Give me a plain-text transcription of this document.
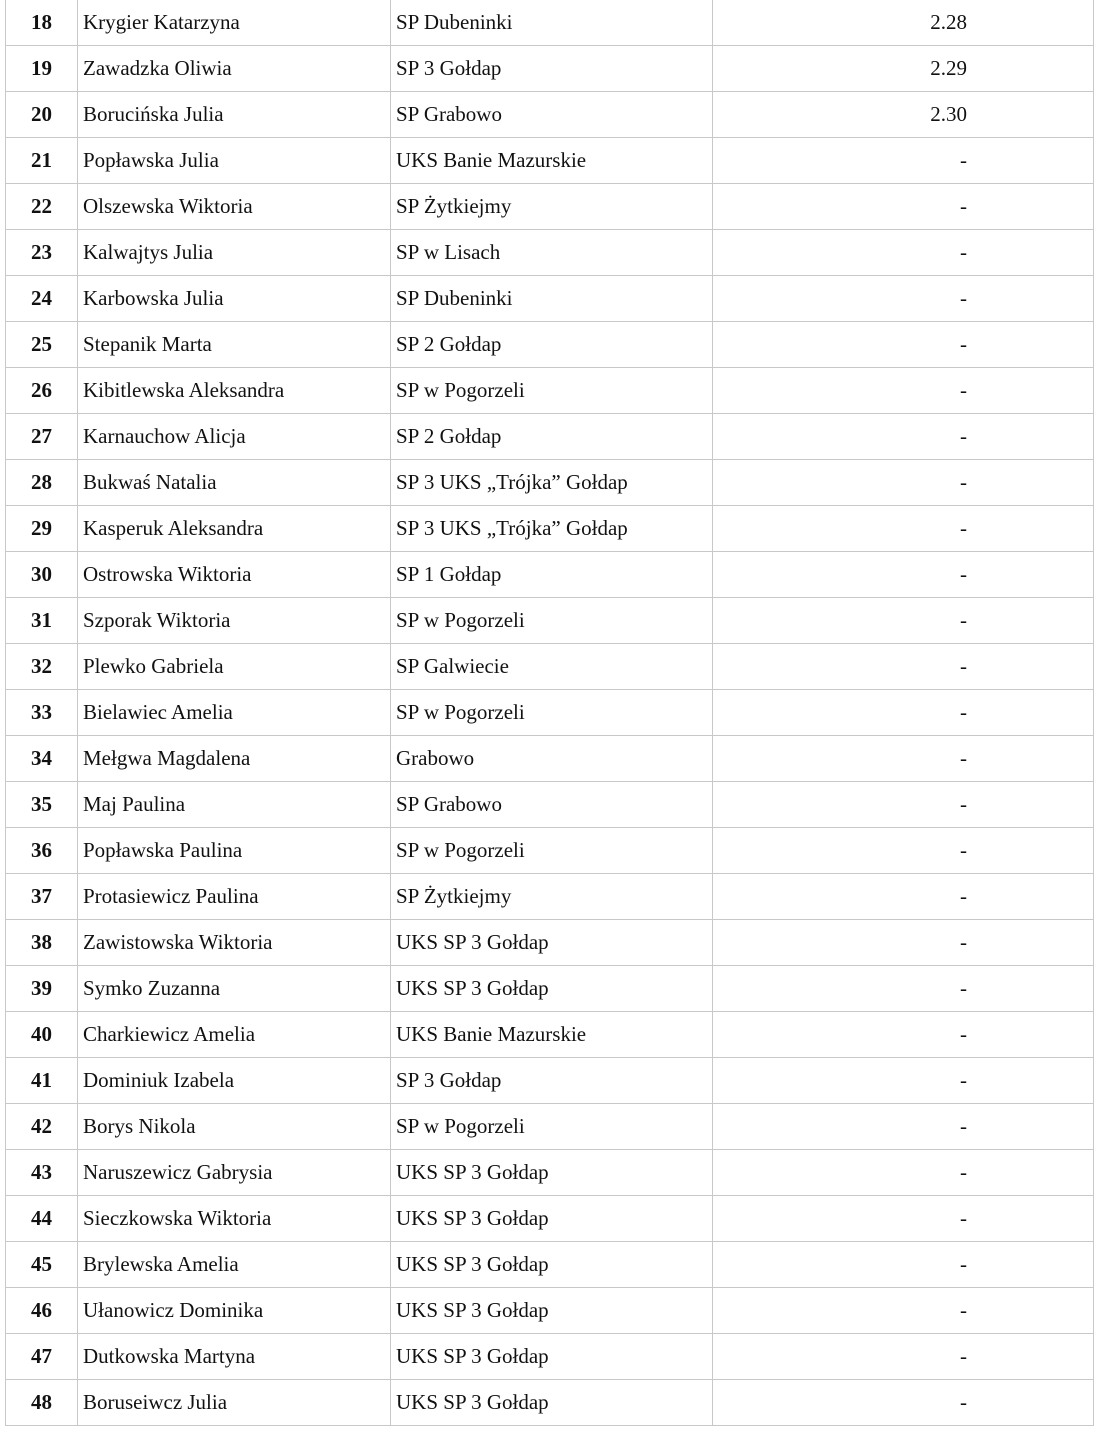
18	Krygier Katarzyna	SP Dubeninki	2.28
19	Zawadzka Oliwia	SP 3 Gołdap	2.29
20	Borucińska Julia	SP Grabowo	2.30
21	Popławska Julia	UKS Banie Mazurskie	-
22	Olszewska Wiktoria	SP Żytkiejmy	-
23	Kalwajtys Julia	SP w Lisach	-
24	Karbowska Julia	SP Dubeninki	-
25	Stepanik Marta	SP 2 Gołdap	-
26	Kibitlewska Aleksandra	SP w Pogorzeli	-
27	Karnauchow Alicja	SP 2 Gołdap	-
28	Bukwaś Natalia	SP 3 UKS „Trójka” Gołdap	-
29	Kasperuk Aleksandra	SP 3 UKS „Trójka” Gołdap	-
30	Ostrowska Wiktoria	SP 1 Gołdap	-
31	Szporak Wiktoria	SP w Pogorzeli	-
32	Plewko Gabriela	SP Galwiecie	-
33	Bielawiec Amelia	SP w Pogorzeli	-
34	Mełgwa Magdalena	Grabowo	-
35	Maj Paulina	SP Grabowo	-
36	Popławska Paulina	SP w Pogorzeli	-
37	Protasiewicz Paulina	SP Żytkiejmy	-
38	Zawistowska Wiktoria	UKS SP 3 Gołdap	-
39	Symko Zuzanna	UKS SP 3 Gołdap	-
40	Charkiewicz Amelia	UKS Banie Mazurskie	-
41	Dominiuk Izabela	SP 3 Gołdap	-
42	Borys Nikola	SP w Pogorzeli	-
43	Naruszewicz Gabrysia	UKS SP 3 Gołdap	-
44	Sieczkowska Wiktoria	UKS SP 3 Gołdap	-
45	Brylewska Amelia	UKS SP 3 Gołdap	-
46	Ułanowicz Dominika	UKS SP 3 Gołdap	-
47	Dutkowska Martyna	UKS SP 3 Gołdap	-
48	Boruseiwcz Julia	UKS SP 3 Gołdap	-
